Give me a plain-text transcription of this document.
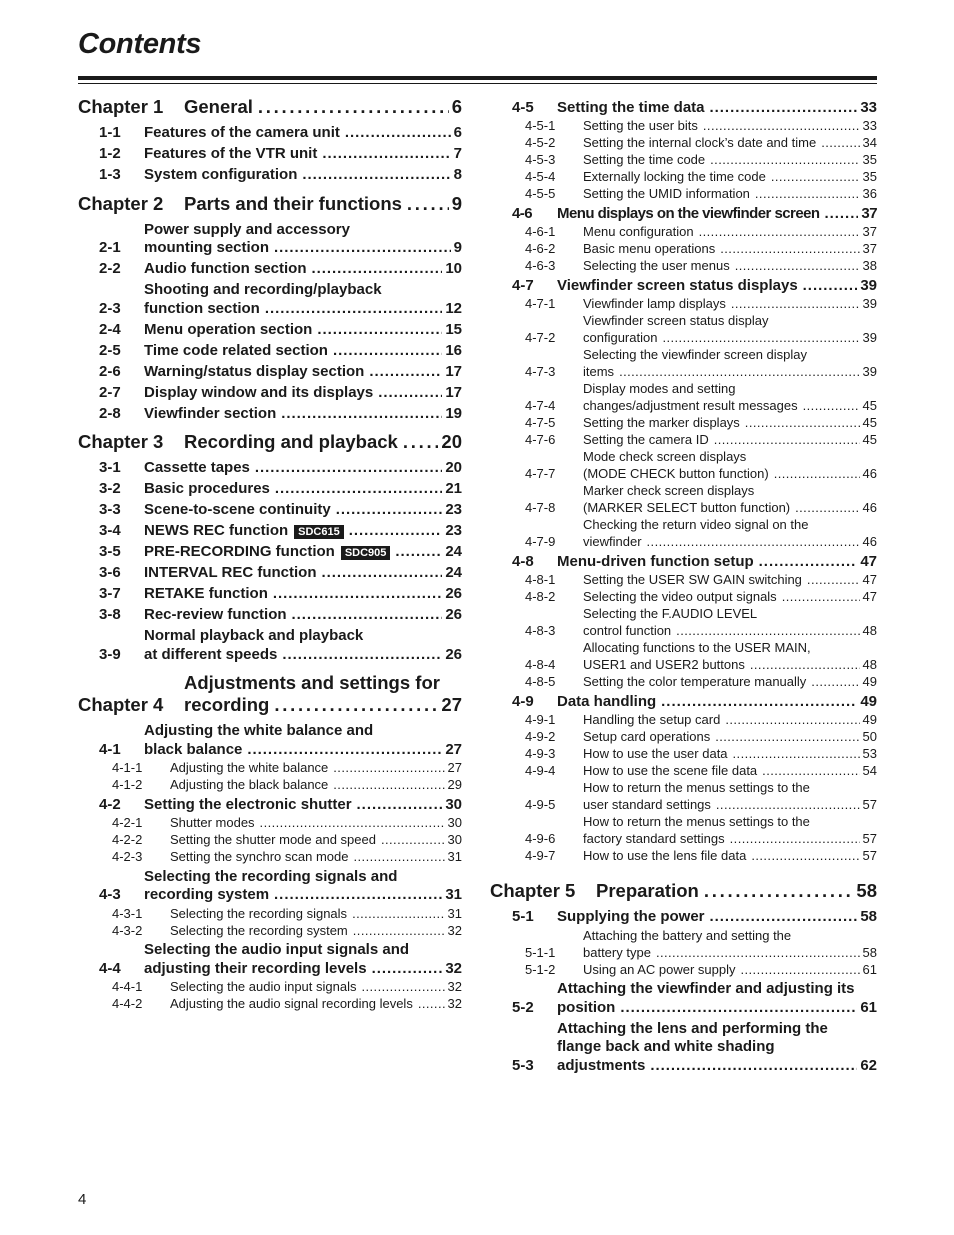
Contents
Chapter 1	General . . .	6
1-1	Features of the camera unit . . .	6
1-2	Features of the VTR unit . . .	7
1-3	System configuration . . .	8
Chapter 2	Parts and their functions . . .	9
2-1
Power supply and accessory
mounting section . . .	9
2-2	Audio function section . . .	10
2-3
Shooting and recording/playback
function section . . .	12
2-4	Menu operation section . . .	15
2-5	Time code related section . . .	16
2-6	Warning/status display section . . .	17
2-7	Display window and its displays . . .	17
2-8	Viewfinder section . . .	19
Chapter 3	Recording and playback . . . 20
3-1	Cassette tapes . . .	20
3-2	Basic procedures . . .	21
3-3	Scene-to-scene continuity . . .	23
3-4	NEWS REC function SDC615 . . .	23
3-5	PRE-RECORDING function SDC905 . . .	24
3-6	INTERVAL REC function . . .	24
3-7	RETAKE function . . .	26
3-8	Rec-review function . . .	26
3-9
Normal playback and playback
at different speeds . . .	26
Chapter 4
Adjustments and settings for
recording . . .	27
4-1
Adjusting the white balance and
black balance . . .	27
4-1-1	Adjusting the white balance . . .	27
4-1-2	Adjusting the black balance . . .	29
4-2	Setting the electronic shutter . . .	30
4-2-1	Shutter modes . . .	30
4-2-2	Setting the shutter mode and speed . . .	30
4-2-3	Setting the synchro scan mode . . .	31
4-3
Selecting the recording signals and
recording system . . .	31
4-3-1	Selecting the recording signals . . .	31
4-3-2	Selecting the recording system . . .	32
4-4
Selecting the audio input signals and
adjusting their recording levels . . .	32
4-4-1	Selecting the audio input signals . . .	32
4-4-2	Adjusting the audio signal recording levels . . .	32
4-5	Setting the time data . . .	33
4-5-1	Setting the user bits . . .	33
4-5-2	Setting the internal clock’s date and time . . .	34
4-5-3	Setting the time code . . .	35
4-5-4	Externally locking the time code . . .	35
4-5-5	Setting the UMID information . . .	36
4-6	Menu displays on the viewfinder screen . . .	37
4-6-1	Menu configuration . . .	37
4-6-2	Basic menu operations . . .	37
4-6-3	Selecting the user menus . . .	38
4-7	Viewfinder screen status displays . . .	39
4-7-1	Viewfinder lamp displays . . .	39
4-7-2
Viewfinder screen status display
configuration . . .	39
4-7-3
Selecting the viewfinder screen display
items . . .	39
4-7-4
Display modes and setting
changes/adjustment result messages . . .	45
4-7-5	Setting the marker displays . . .	45
4-7-6	Setting the camera ID . . .	45
4-7-7
Mode check screen displays
(MODE CHECK button function) . . .	46
4-7-8
Marker check screen displays
(MARKER SELECT button function) . . .	46
4-7-9
Checking the return video signal on the
viewfinder . . .	46
4-8	Menu-driven function setup . . .	47
4-8-1	Setting the USER SW GAIN switching . . .	47
4-8-2	Selecting the video output signals . . .	47
4-8-3
Selecting the F.AUDIO LEVEL
control function . . .	48
4-8-4
Allocating functions to the USER MAIN,
USER1 and USER2 buttons . . .	48
4-8-5	Setting the color temperature manually . . .	49
4-9	Data handling . . .	49
4-9-1	Handling the setup card . . .	49
4-9-2	Setup card operations . . .	50
4-9-3	How to use the user data . . .	53
4-9-4	How to use the scene file data . . .	54
4-9-5
How to return the menus settings to the
user standard settings . . .	57
4-9-6
How to return the menus settings to the
factory standard settings . . .	57
4-9-7	How to use the lens file data . . .	57
Chapter 5	Preparation . . .	58
5-1	Supplying the power . . .	58
5-1-1
Attaching the battery and setting the
battery type . . .	58
5-1-2	Using an AC power supply . . .	61
5-2
Attaching the viewfinder and adjusting its
position . . .	61
5-3
Attaching the lens and performing the
flange back and white shading
adjustments . . .	62
4
